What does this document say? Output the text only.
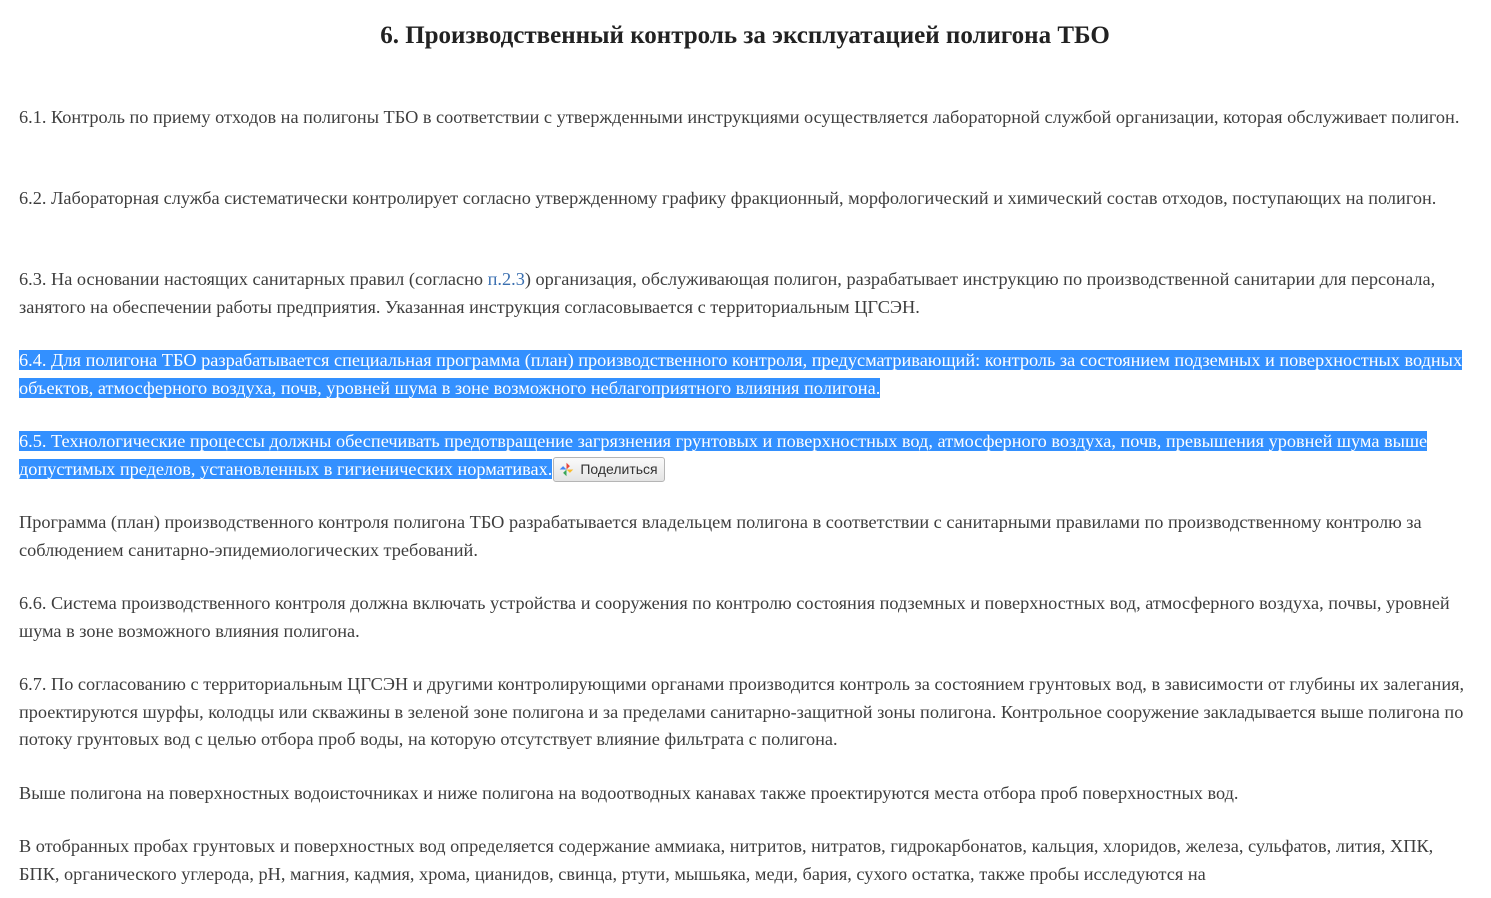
6. Производственный контроль за эксплуатацией полигона ТБО

6.1. Контроль по приему отходов на полигоны ТБО в соответствии с утвержденными инструкциями осуществляется лабораторной службой организации, которая обслуживает полигон.

6.2. Лабораторная служба систематически контролирует согласно утвержденному графику фракционный, морфологический и химический состав отходов, поступающих на полигон.

6.3. На основании настоящих санитарных правил (согласно п.2.3) организация, обслуживающая полигон, разрабатывает инструкцию по производственной санитарии для персонала, занятого на обеспечении работы предприятия. Указанная инструкция согласовывается с территориальным ЦГСЭН.

6.4. Для полигона ТБО разрабатывается специальная программа (план) производственного контроля, предусматривающий: контроль за состоянием подземных и поверхностных водных объектов, атмосферного воздуха, почв, уровней шума в зоне возможного неблагоприятного влияния полигона.

6.5. Технологические процессы должны обеспечивать предотвращение загрязнения грунтовых и поверхностных вод, атмосферного воздуха, почв, превышения уровней шума выше допустимых пределов, установленных в гигиенических нормативах. Поделиться

Программа (план) производственного контроля полигона ТБО разрабатывается владельцем полигона в соответствии с санитарными правилами по производственному контролю за соблюдением санитарно-эпидемиологических требований.

6.6. Система производственного контроля должна включать устройства и сооружения по контролю состояния подземных и поверхностных вод, атмосферного воздуха, почвы, уровней шума в зоне возможного влияния полигона.

6.7. По согласованию с территориальным ЦГСЭН и другими контролирующими органами производится контроль за состоянием грунтовых вод, в зависимости от глубины их залегания, проектируются шурфы, колодцы или скважины в зеленой зоне полигона и за пределами санитарно-защитной зоны полигона. Контрольное сооружение закладывается выше полигона по потоку грунтовых вод с целью отбора проб воды, на которую отсутствует влияние фильтрата с полигона.

Выше полигона на поверхностных водоисточниках и ниже полигона на водоотводных канавах также проектируются места отбора проб поверхностных вод.

В отобранных пробах грунтовых и поверхностных вод определяется содержание аммиака, нитритов, нитратов, гидрокарбонатов, кальция, хлоридов, железа, сульфатов, лития, ХПК, БПК, органического углерода, pH, магния, кадмия, хрома, цианидов, свинца, ртути, мышьяка, меди, бария, сухого остатка, также пробы исследуются на
